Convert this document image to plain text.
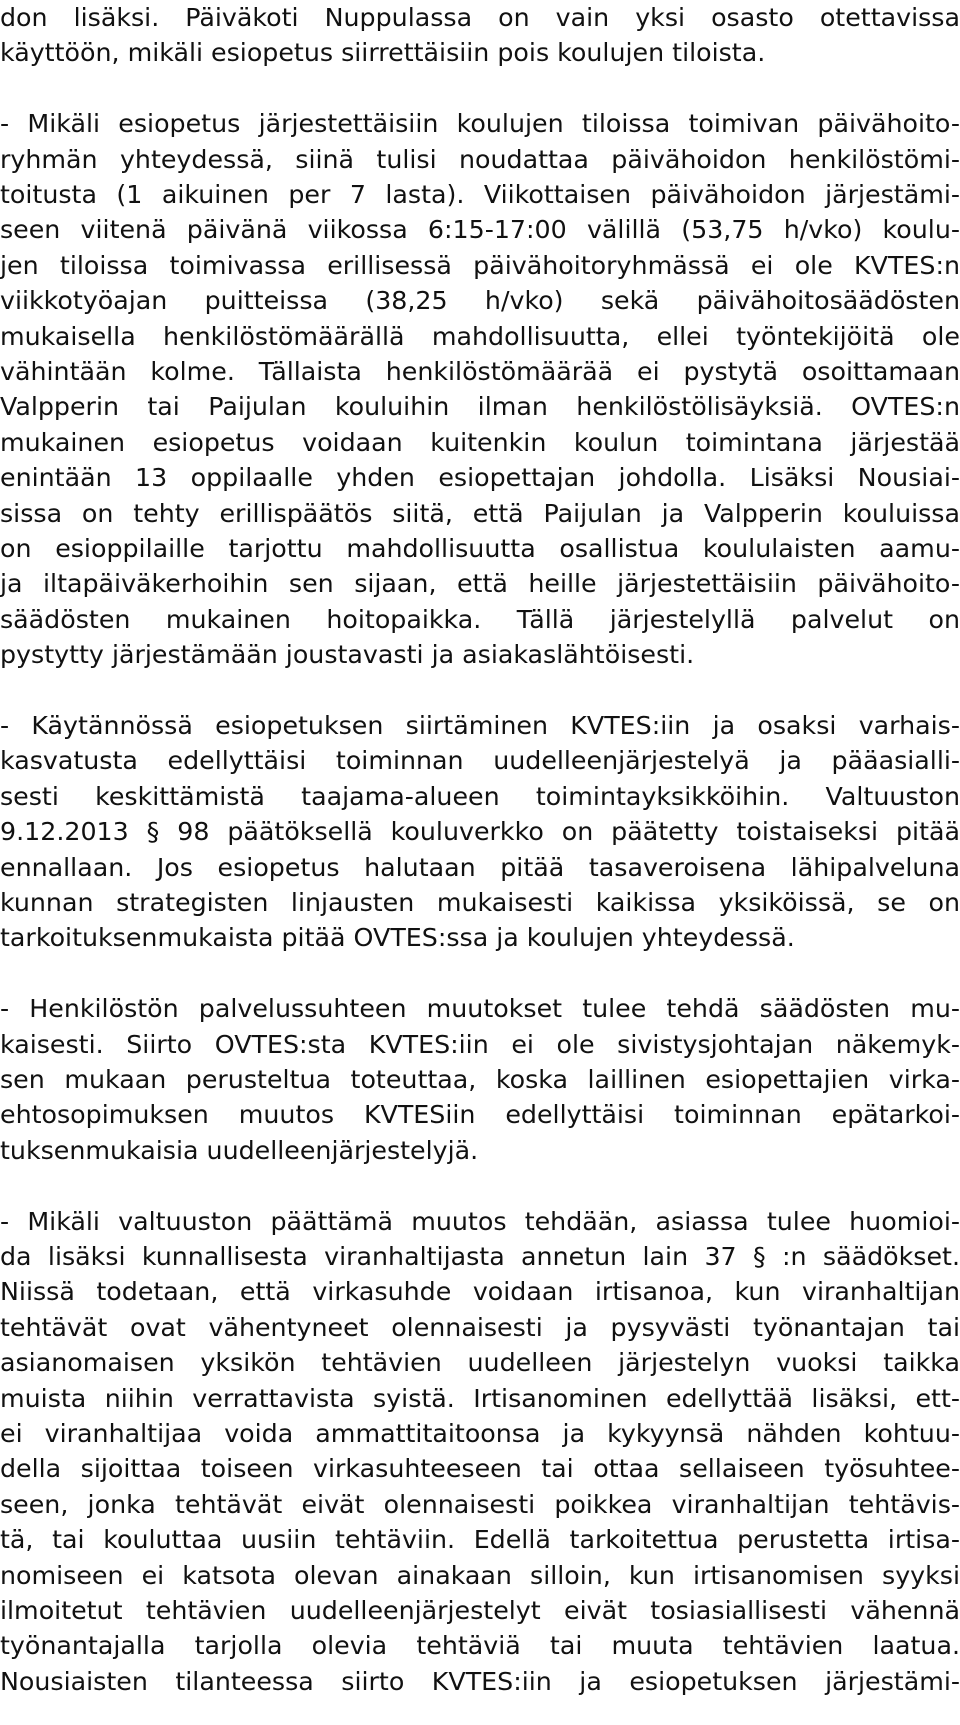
don lisäksi. Päiväkoti Nuppulassa on vain yksi osasto otettavissa
käyttöön, mikäli esiopetus siirrettäisiin pois koulujen tiloista.
- Mikäli esiopetus järjestettäisiin koulujen tiloissa toimivan päivähoito-
ryhmän yhteydessä, siinä tulisi noudattaa päivähoidon henkilöstömi-
toitusta (1 aikuinen per 7 lasta). Viikottaisen päivähoidon järjestämi-
seen viitenä päivänä viikossa 6:15-17:00 välillä (53,75 h/vko) koulu-
jen tiloissa toimivassa erillisessä päivähoitoryhmässä ei ole KVTES:n
viikkotyöajan puitteissa (38,25 h/vko) sekä päivähoitosäädösten
mukaisella henkilöstömäärällä mahdollisuutta, ellei työntekijöitä ole
vähintään kolme. Tällaista henkilöstömäärää ei pystytä osoittamaan
Valpperin tai Paijulan kouluihin ilman henkilöstölisäyksiä. OVTES:n
mukainen esiopetus voidaan kuitenkin koulun toimintana järjestää
enintään 13 oppilaalle yhden esiopettajan johdolla. Lisäksi Nousiai-
sissa on tehty erillispäätös siitä, että Paijulan ja Valpperin kouluissa
on esioppilaille tarjottu mahdollisuutta osallistua koululaisten aamu-
ja iltapäiväkerhoihin sen sijaan, että heille järjestettäisiin päivähoito-
säädösten mukainen hoitopaikka. Tällä järjestelyllä palvelut on
pystytty järjestämään joustavasti ja asiakaslähtöisesti.
- Käytännössä esiopetuksen siirtäminen KVTES:iin ja osaksi varhais-
kasvatusta edellyttäisi toiminnan uudelleenjärjestelyä ja pääasialli-
sesti keskittämistä taajama-alueen toimintayksikköihin. Valtuuston
9.12.2013 § 98 päätöksellä kouluverkko on päätetty toistaiseksi pitää
ennallaan. Jos esiopetus halutaan pitää tasaveroisena lähipalveluna
kunnan strategisten linjausten mukaisesti kaikissa yksiköissä, se on
tarkoituksenmukaista pitää OVTES:ssa ja koulujen yhteydessä.
- Henkilöstön palvelussuhteen muutokset tulee tehdä säädösten mu-
kaisesti. Siirto OVTES:sta KVTES:iin ei ole sivistysjohtajan näkemyk-
sen mukaan perusteltua toteuttaa, koska laillinen esiopettajien virka-
ehtosopimuksen muutos KVTESiin edellyttäisi toiminnan epätarkoi-
tuksenmukaisia uudelleenjärjestelyjä.
- Mikäli valtuuston päättämä muutos tehdään, asiassa tulee huomioi-
da lisäksi kunnallisesta viranhaltijasta annetun lain 37 § :n säädökset.
Niissä todetaan, että virkasuhde voidaan irtisanoa, kun viranhaltijan
tehtävät ovat vähentyneet olennaisesti ja pysyvästi työnantajan tai
asianomaisen yksikön tehtävien uudelleen järjestelyn vuoksi taikka
muista niihin verrattavista syistä. Irtisanominen edellyttää lisäksi, ett-
ei viranhaltijaa voida ammattitaitoonsa ja kykyynsä nähden kohtuu-
della sijoittaa toiseen virkasuhteeseen tai ottaa sellaiseen työsuhtee-
seen, jonka tehtävät eivät olennaisesti poikkea viranhaltijan tehtävis-
tä, tai kouluttaa uusiin tehtäviin. Edellä tarkoitettua perustetta irtisa-
nomiseen ei katsota olevan ainakaan silloin, kun irtisanomisen syyksi
ilmoitetut tehtävien uudelleenjärjestelyt eivät tosiasiallisesti vähennä
työnantajalla tarjolla olevia tehtäviä tai muuta tehtävien laatua.
Nousiaisten tilanteessa siirto KVTES:iin ja esiopetuksen järjestämi-
